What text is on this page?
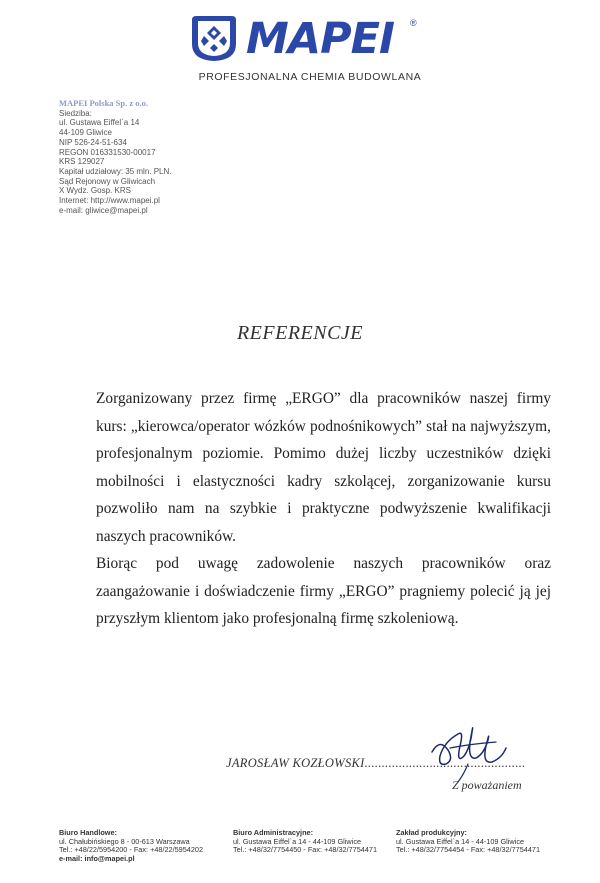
MAPEI ®
PROFESJONALNA CHEMIA BUDOWLANA
MAPEI Polska Sp. z o.o.
Siedziba:
ul. Gustawa Eiffel`a 14
44-109 Gliwice
NIP 526-24-51-634
REGON 016331530-00017
KRS 129027
Kapitał udziałowy: 35 mln. PLN.
Sąd Rejonowy w Gliwicach
X Wydz. Gosp. KRS
Internet: http://www.mapei.pl
e-mail: gliwice@mapei.pl
REFERENCJE

Zorganizowany przez firmę „ERGO” dla pracowników naszej firmy kurs: „kierowca/operator wózków podnośnikowych” stał na najwyższym, profesjonalnym poziomie. Pomimo dużej liczby uczestników dzięki mobilności i elastyczności kadry szkolącej, zorganizowanie kursu pozwoliło nam na szybkie i praktyczne podwyższenie kwalifikacji naszych pracowników.

Biorąc pod uwagę zadowolenie naszych pracowników oraz zaangażowanie i doświadczenie firmy „ERGO” pragniemy polecić ją jej przyszłym klientom jako profesjonalną firmę szkoleniową.

JAROSŁAW KOZŁOWSKI...............................................
Z poważaniem
Biuro Handlowe:
ul. Chałubińskiego 8 - 00-613 Warszawa
Tel.: +48/22/5954200 - Fax: +48/22/5954202
e-mail: info@mapei.pl
Biuro Administracyjne:
ul. Gustawa Eiffel`a 14 - 44-109 Gliwice
Tel.: +48/32/7754450 - Fax: +48/32/7754471
Zakład produkcyjny:
ul. Gustawa Eiffel`a 14 - 44-109 Gliwice
Tel.: +48/32/7754454 - Fax: +48/32/7754471
